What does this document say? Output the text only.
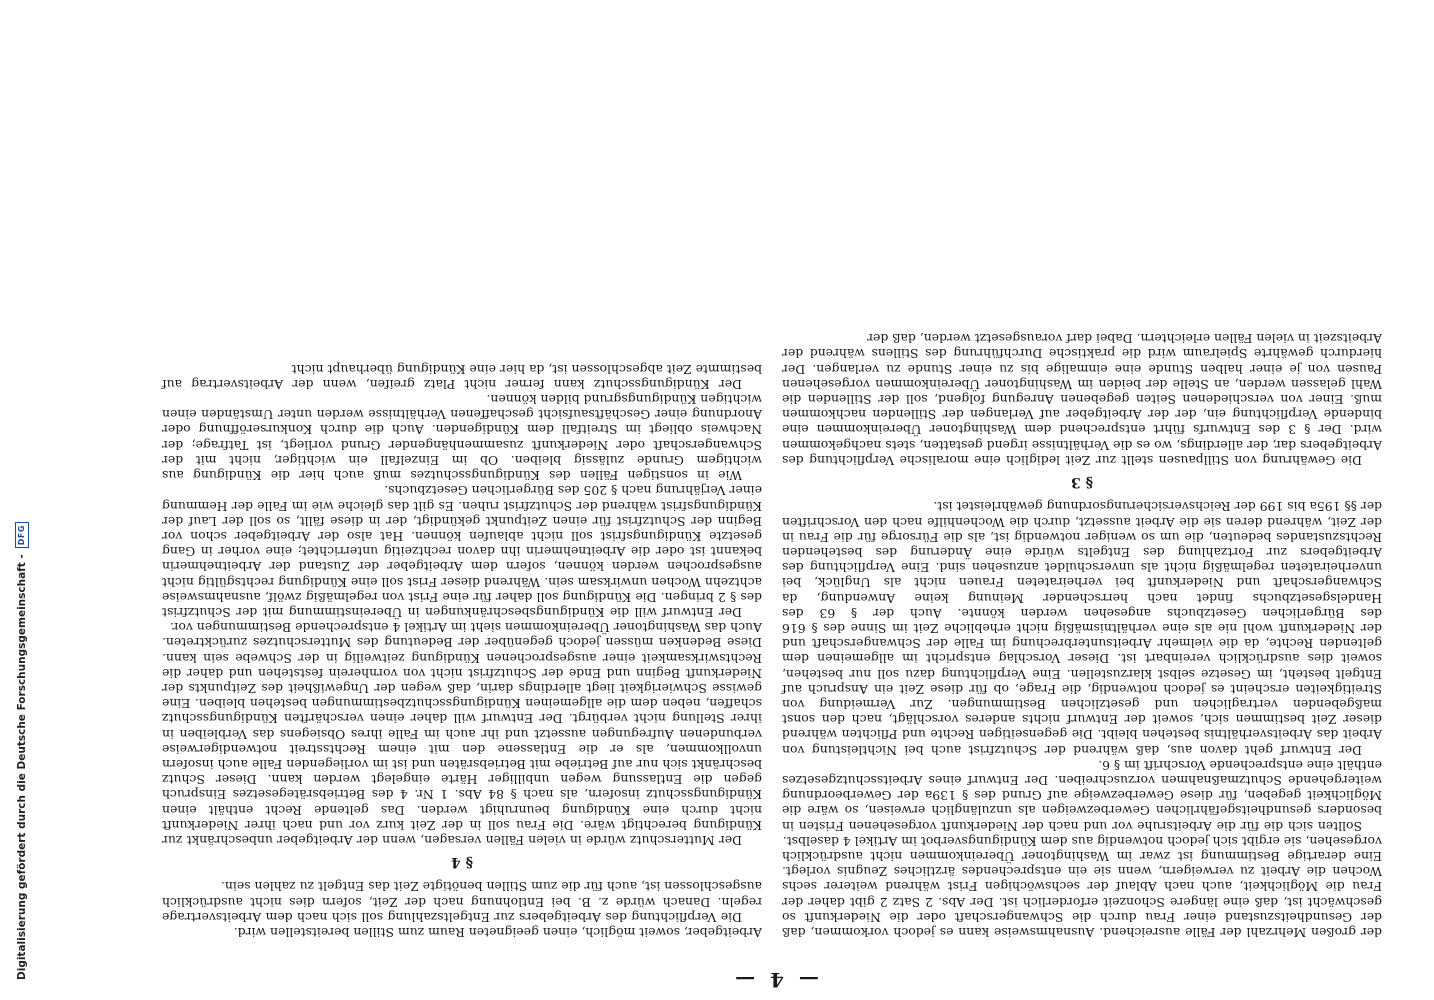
Digitalisierung gefördert durch die Deutsche Forschungsgemeinschaft -
DFG
— 4 —

der großen Mehrzahl der Fälle ausreichend. Ausnahmsweise kann es jedoch vorkommen, daß der Gesundheitszustand einer Frau durch die Schwangerschaft oder die Niederkunft so geschwächt ist, daß eine längere Schonzeit erforderlich ist. Der Abs. 2 Satz 2 gibt daher der Frau die Möglichkeit, auch nach Ablauf der sechswöchigen Frist während weiterer sechs Wochen die Arbeit zu verweigern, wenn sie ein entsprechendes ärztliches Zeugnis vorlegt. Eine derartige Bestimmung ist zwar im Washingtoner Übereinkommen nicht ausdrücklich vorgesehen, sie ergibt sich jedoch notwendig aus dem Kündigungsverbot im Artikel 4 daselbst.

Sollten sich die für die Arbeitsruhe vor und nach der Niederkunft vorgesehenen Fristen in besonders gesundheitsgefährlichen Gewerbezweigen als unzulänglich erweisen, so wäre die Möglichkeit gegeben, für diese Gewerbezweige auf Grund des § 139a der Gewerbeordnung weitergehende Schutzmaßnahmen vorzuschreiben. Der Entwurf eines Arbeitsschutzgesetzes enthält eine entsprechende Vorschrift im § 6.

Der Entwurf geht davon aus, daß während der Schutzfrist auch bei Nichtleistung von Arbeit das Arbeitsverhältnis bestehen bleibt. Die gegenseitigen Rechte und Pflichten während dieser Zeit bestimmen sich, soweit der Entwurf nichts anderes vorschlägt, nach den sonst maßgebenden vertraglichen und gesetzlichen Bestimmungen. Zur Vermeidung von Streitigkeiten erscheint es jedoch notwendig, die Frage, ob für diese Zeit ein Anspruch auf Entgelt besteht, im Gesetze selbst klarzustellen. Eine Verpflichtung dazu soll nur bestehen, soweit dies ausdrücklich vereinbart ist. Dieser Vorschlag entspricht im allgemeinen dem geltenden Rechte, da die vielmehr Arbeitsunterbrechung im Falle der Schwangerschaft und der Niederkunft wohl nie als eine verhältnismäßig nicht erhebliche Zeit im Sinne des § 616 des Bürgerlichen Gesetzbuchs angesehen werden könnte. Auch der § 63 des Handelsgesetzbuchs findet nach herrschender Meinung keine Anwendung, da Schwangerschaft und Niederkunft bei verheirateten Frauen nicht als Unglück, bei unverheirateten regelmäßig nicht als unverschuldet anzusehen sind. Eine Verpflichtung des Arbeitgebers zur Fortzahlung des Entgelts würde eine Änderung des bestehenden Rechtszustandes bedeuten, die um so weniger notwendig ist, als die Fürsorge für die Frau in der Zeit, während deren sie die Arbeit aussetzt, durch die Wochenhilfe nach den Vorschriften der §§ 195a bis 199 der Reichsversicherungsordnung gewährleistet ist.

§ 3

Die Gewährung von Stillpausen stellt zur Zeit lediglich eine moralische Verpflichtung des Arbeitgebers dar, der allerdings, wo es die Verhältnisse irgend gestatten, stets nachgekommen wird. Der § 3 des Entwurfs führt entsprechend dem Washingtoner Übereinkommen eine bindende Verpflichtung ein, der der Arbeitgeber auf Verlangen der Stillenden nachkommen muß. Einer von verschiedenen Seiten gegebenen Anregung folgend, soll der Stillenden die Wahl gelassen werden, an Stelle der beiden im Washingtoner Übereinkommen vorgesehenen Pausen von je einer halben Stunde eine einmalige bis zu einer Stunde zu verlangen. Der hierdurch gewährte Spielraum wird die praktische Durchführung des Stillens während der Arbeitszeit in vielen Fällen erleichtern. Dabei darf vorausgesetzt werden, daß der

Arbeitgeber, soweit möglich, einen geeigneten Raum zum Stillen bereitstellen wird.

Die Verpflichtung des Arbeitgebers zur Entgeltszahlung soll sich nach dem Arbeitsvertrage regeln. Danach würde z. B. bei Entlohnung nach der Zeit, sofern dies nicht ausdrücklich ausgeschlossen ist, auch für die zum Stillen benötigte Zeit das Entgelt zu zahlen sein.

§ 4

Der Mutterschutz würde in vielen Fällen versagen, wenn der Arbeitgeber unbeschränkt zur Kündigung berechtigt wäre. Die Frau soll in der Zeit kurz vor und nach ihrer Niederkunft nicht durch eine Kündigung beunruhigt werden. Das geltende Recht enthält einen Kündigungsschutz insofern, als nach § 84 Abs. 1 Nr. 4 des Betriebsrätegesetzes Einspruch gegen die Entlassung wegen unbilliger Härte eingelegt werden kann. Dieser Schutz beschränkt sich nur auf Betriebe mit Betriebsräten und ist im vorliegenden Falle auch insofern unvollkommen, als er die Entlassene den mit einem Rechtsstreit notwendigerweise verbundenen Aufregungen aussetzt und ihr auch im Falle ihres Obsiegens das Verbleiben in ihrer Stellung nicht verbürgt. Der Entwurf will daher einen verschärften Kündigungsschutz schaffen, neben dem die allgemeinen Kündigungsschutzbestimmungen bestehen bleiben. Eine gewisse Schwierigkeit liegt allerdings darin, daß wegen der Ungewißheit des Zeitpunkts der Niederkunft Beginn und Ende der Schutzfrist nicht von vornherein feststehen und daher die Rechtswirksamkeit einer ausgesprochenen Kündigung zeitweilig in der Schwebe sein kann. Diese Bedenken müssen jedoch gegenüber der Bedeutung des Mutterschutzes zurücktreten. Auch das Washingtoner Übereinkommen sieht im Artikel 4 entsprechende Bestimmungen vor.

Der Entwurf will die Kündigungsbeschränkungen in Übereinstimmung mit der Schutzfrist des § 2 bringen. Die Kündigung soll daher für eine Frist von regelmäßig zwölf, ausnahmsweise achtzehn Wochen unwirksam sein. Während dieser Frist soll eine Kündigung rechtsgültig nicht ausgesprochen werden können, sofern dem Arbeitgeber der Zustand der Arbeitnehmerin bekannt ist oder die Arbeitnehmerin ihn davon rechtzeitig unterrichtet; eine vorher in Gang gesetzte Kündigungsfrist soll nicht ablaufen können. Hat also der Arbeitgeber schon vor Beginn der Schutzfrist für einen Zeitpunkt gekündigt, der in diese fällt, so soll der Lauf der Kündigungsfrist während der Schutzfrist ruhen. Es gilt das gleiche wie im Falle der Hemmung einer Verjährung nach § 205 des Bürgerlichen Gesetzbuchs.

Wie in sonstigen Fällen des Kündigungsschutzes muß auch hier die Kündigung aus wichtigem Grunde zulässig bleiben. Ob im Einzelfall ein wichtiger, nicht mit der Schwangerschaft oder Niederkunft zusammenhängender Grund vorliegt, ist Tatfrage; der Nachweis obliegt im Streitfall dem Kündigenden. Auch die durch Konkurseröffnung oder Anordnung einer Geschäftsaufsicht geschaffenen Verhältnisse werden unter Umständen einen wichtigen Kündigungsgrund bilden können.

Der Kündigungsschutz kann ferner nicht Platz greifen, wenn der Arbeitsvertrag auf bestimmte Zeit abgeschlossen ist, da hier eine Kündigung überhaupt nicht
